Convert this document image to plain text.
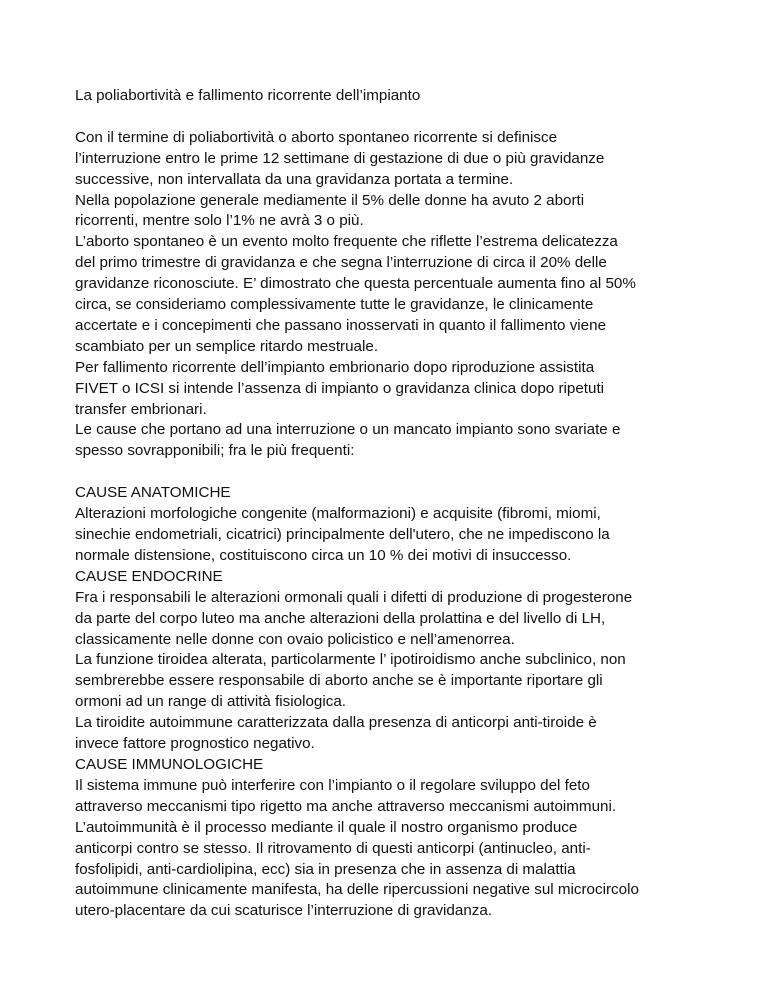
La poliabortività e fallimento ricorrente dell’impianto
Con il termine di poliabortività o aborto spontaneo ricorrente si definisce
l’interruzione entro le prime 12 settimane di gestazione di due o più gravidanze
successive, non intervallata da una gravidanza portata a termine.
Nella popolazione generale mediamente il 5% delle donne ha avuto 2 aborti
ricorrenti, mentre solo l’1% ne avrà 3 o più.
L’aborto spontaneo è un evento molto frequente che riflette l’estrema delicatezza
del primo trimestre di gravidanza e che segna l’interruzione di circa il 20% delle
gravidanze riconosciute. E’ dimostrato che questa percentuale aumenta fino al 50%
circa, se consideriamo complessivamente tutte le gravidanze, le clinicamente
accertate e i concepimenti che passano inosservati in quanto il fallimento viene
scambiato per un semplice ritardo mestruale.
Per fallimento ricorrente dell’impianto embrionario dopo riproduzione assistita
FIVET o ICSI si intende l’assenza di impianto o gravidanza clinica dopo ripetuti
transfer embrionari.
Le cause che portano ad una interruzione o un mancato impianto sono svariate e
spesso sovrapponibili; fra le più frequenti:
CAUSE ANATOMICHE
Alterazioni morfologiche congenite (malformazioni) e acquisite (fibromi, miomi,
sinechie endometriali, cicatrici) principalmente dell'utero, che ne impediscono la
normale distensione, costituiscono circa un 10 % dei motivi di insuccesso.
CAUSE ENDOCRINE
Fra i responsabili le alterazioni ormonali quali i difetti di produzione di progesterone
da parte del corpo luteo ma anche alterazioni della prolattina e del livello di LH,
classicamente nelle donne con ovaio policistico e nell’amenorrea.
La funzione tiroidea alterata, particolarmente l’ ipotiroidismo anche subclinico, non
sembrerebbe essere responsabile di aborto anche se è importante riportare gli
ormoni ad un range di attività fisiologica.
La tiroidite autoimmune caratterizzata dalla presenza di anticorpi anti-tiroide è
invece fattore prognostico negativo.
CAUSE IMMUNOLOGICHE
Il sistema immune può interferire con l’impianto o il regolare sviluppo del feto
attraverso meccanismi tipo rigetto ma anche attraverso meccanismi autoimmuni.
L’autoimmunità è il processo mediante il quale il nostro organismo produce
anticorpi contro se stesso. Il ritrovamento di questi anticorpi (antinucleo, anti-
fosfolipidi, anti-cardiolipina, ecc) sia in presenza che in assenza di malattia
autoimmune clinicamente manifesta, ha delle ripercussioni negative sul microcircolo
utero-placentare da cui scaturisce l’interruzione di gravidanza.
